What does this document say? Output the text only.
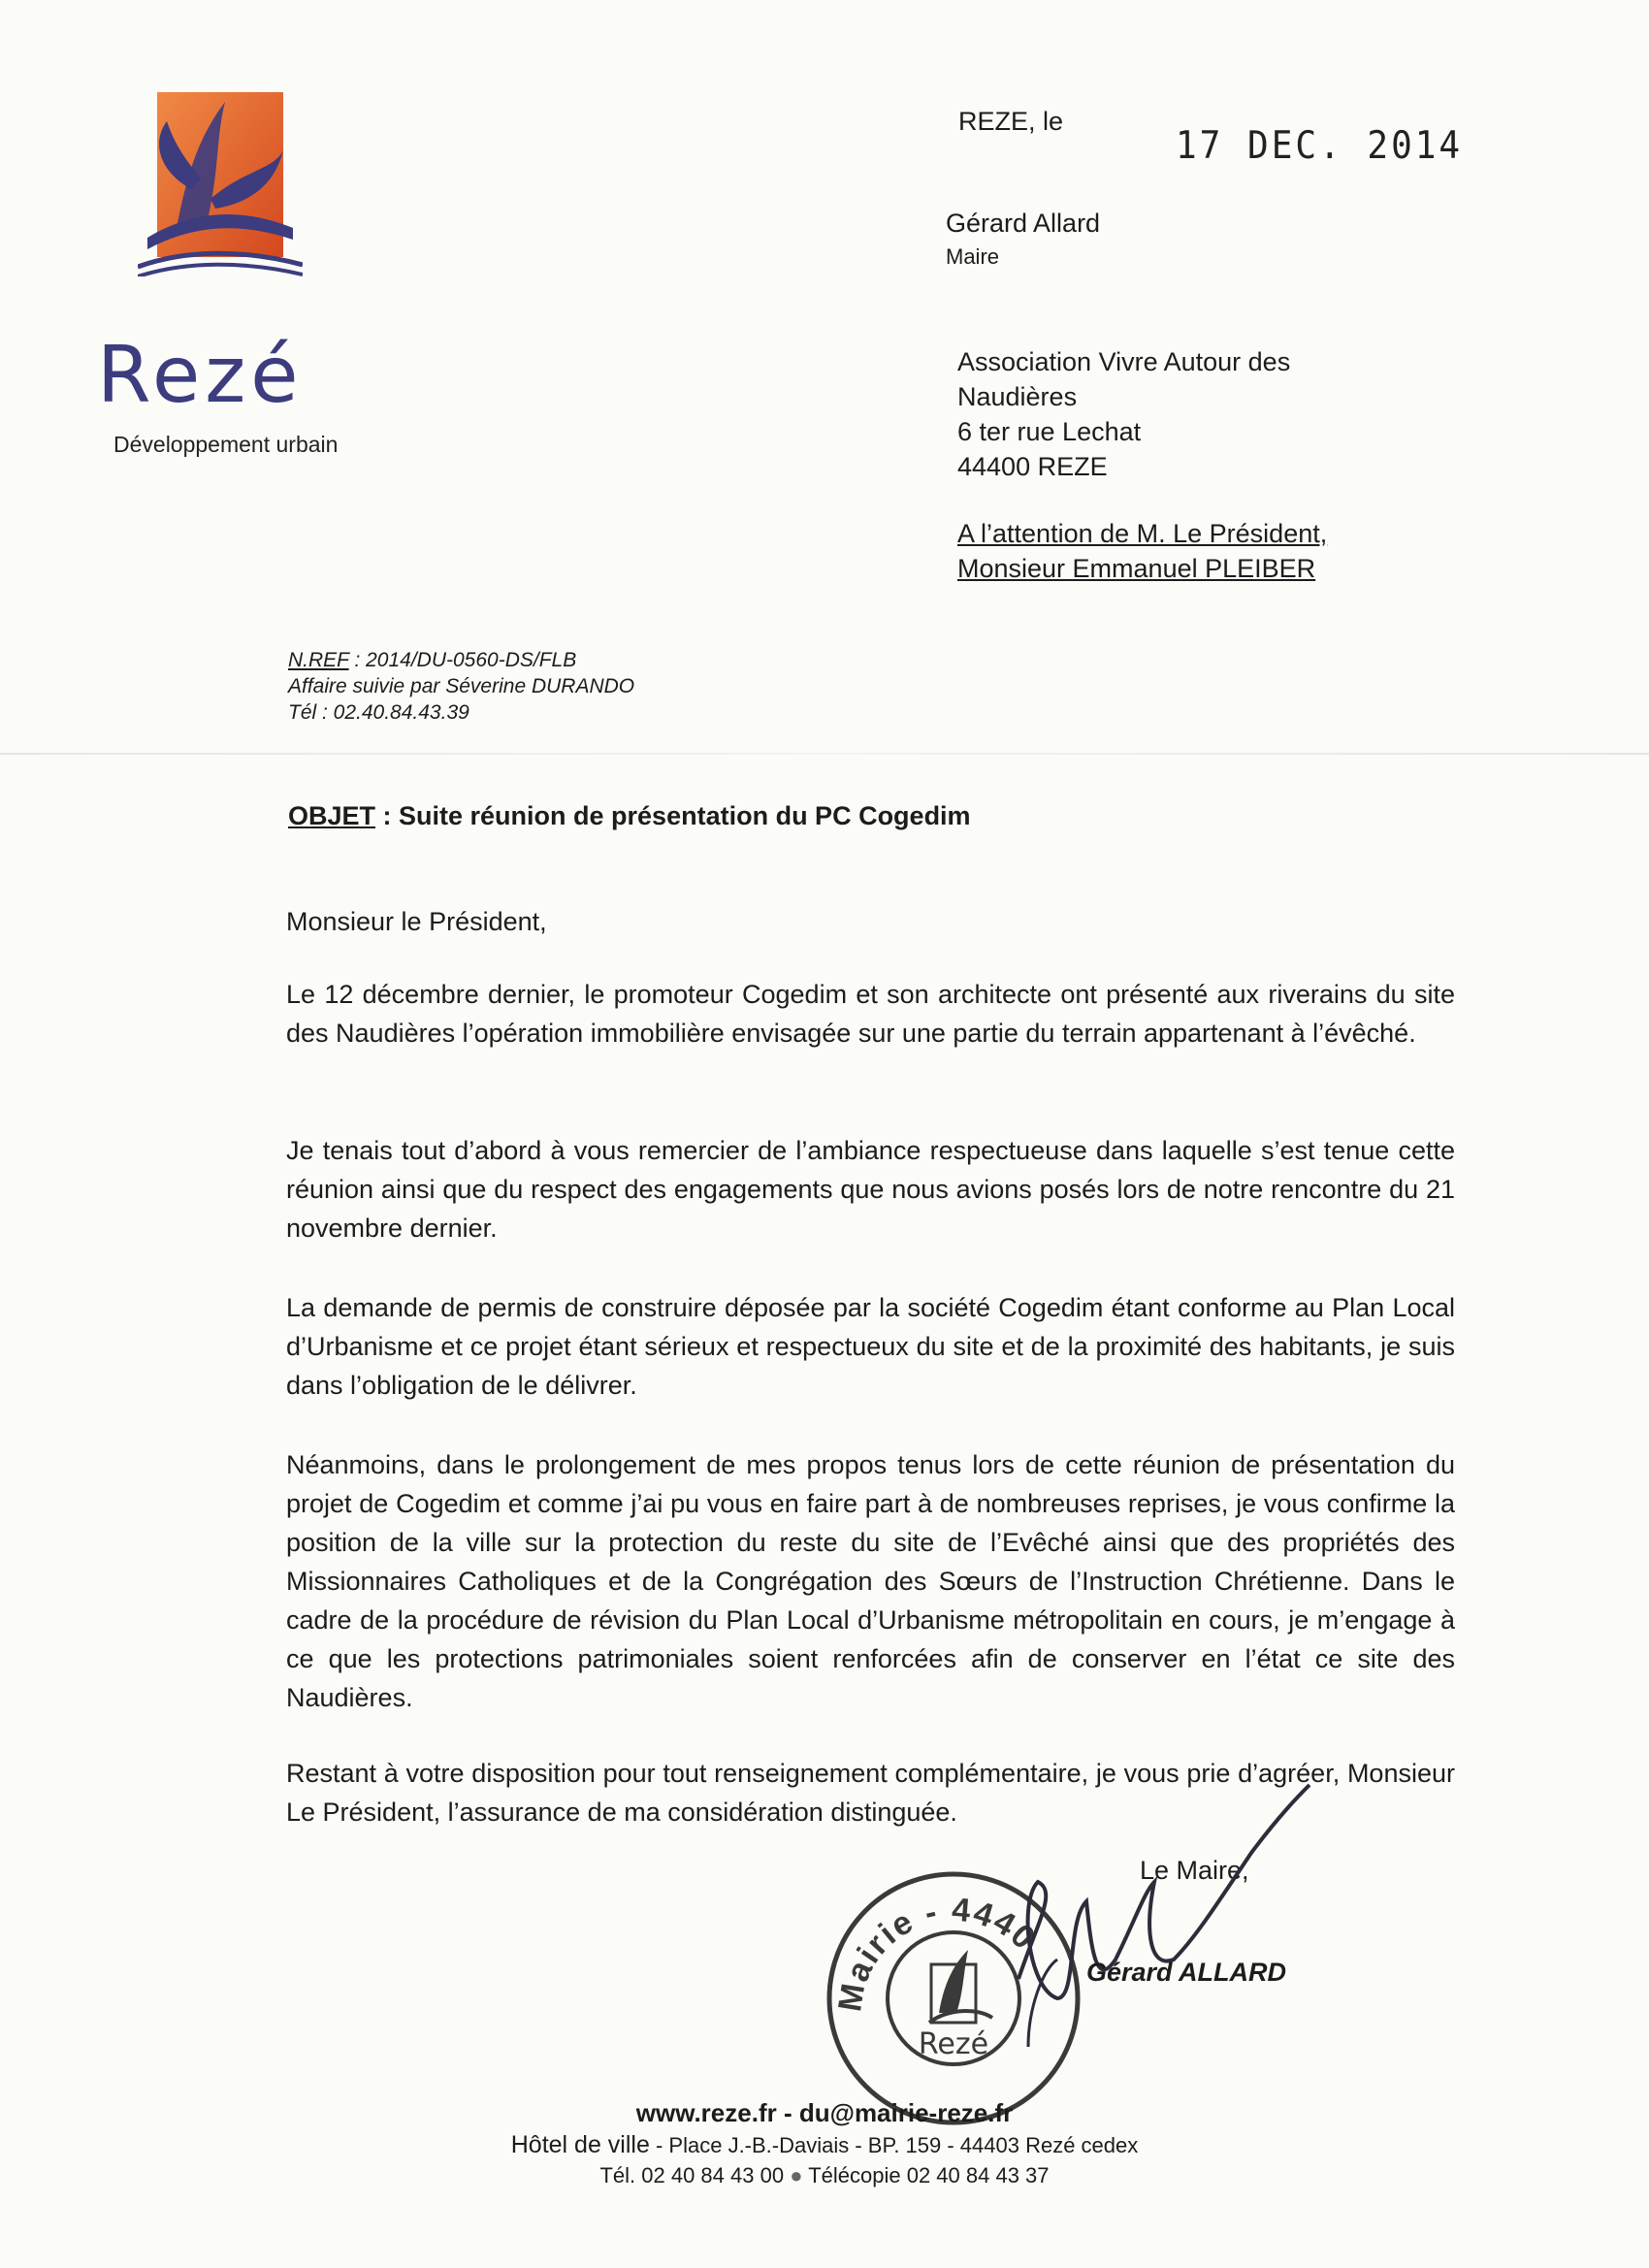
Rezé
Développement urbain
REZE, le
17 DEC. 2014
Gérard Allard
Maire
Association Vivre Autour des
Naudières
6 ter rue Lechat
44400 REZE
A l’attention de M. Le Président,
Monsieur Emmanuel PLEIBER
N.REF : 2014/DU-0560-DS/FLB
Affaire suivie par Séverine DURANDO
Tél : 02.40.84.43.39
OBJET : Suite réunion de présentation du PC Cogedim
Monsieur le Président,
Le 12 décembre dernier, le promoteur Cogedim et son architecte ont présenté aux riverains du site des Naudières l’opération immobilière envisagée sur une partie du terrain appartenant à l’évêché.
Je tenais tout d’abord à vous remercier de l’ambiance respectueuse dans laquelle s’est tenue cette réunion ainsi que du respect des engagements que nous avions posés lors de notre rencontre du 21 novembre dernier.
La demande de permis de construire déposée par la société Cogedim étant conforme au Plan Local d’Urbanisme et ce projet étant sérieux et respectueux du site et de la proximité des habitants, je suis dans l’obligation de le délivrer.
Néanmoins, dans le prolongement de mes propos tenus lors de cette réunion de présentation du projet de Cogedim et comme j’ai pu vous en faire part à de nombreuses reprises, je vous confirme la position de la ville sur la protection du reste du site de l’Evêché ainsi que des propriétés des Missionnaires Catholiques et de la Congrégation des Sœurs de l’Instruction Chrétienne. Dans le cadre de la procédure de révision du Plan Local d’Urbanisme métropolitain en cours, je m’engage à ce que les protections patrimoniales soient renforcées afin de conserver en l’état ce site des Naudières.
Restant à votre disposition pour tout renseignement complémentaire, je vous prie d’agréer, Monsieur Le Président, l’assurance de ma considération distinguée.
Le Maire,
Mairie - 4440
Rezé
Gérard ALLARD
www.reze.fr - du@mairie-reze.fr
Hôtel de ville - Place J.-B.-Daviais - BP. 159 - 44403 Rezé cedex
Tél. 02 40 84 43 00 ● Télécopie 02 40 84 43 37
